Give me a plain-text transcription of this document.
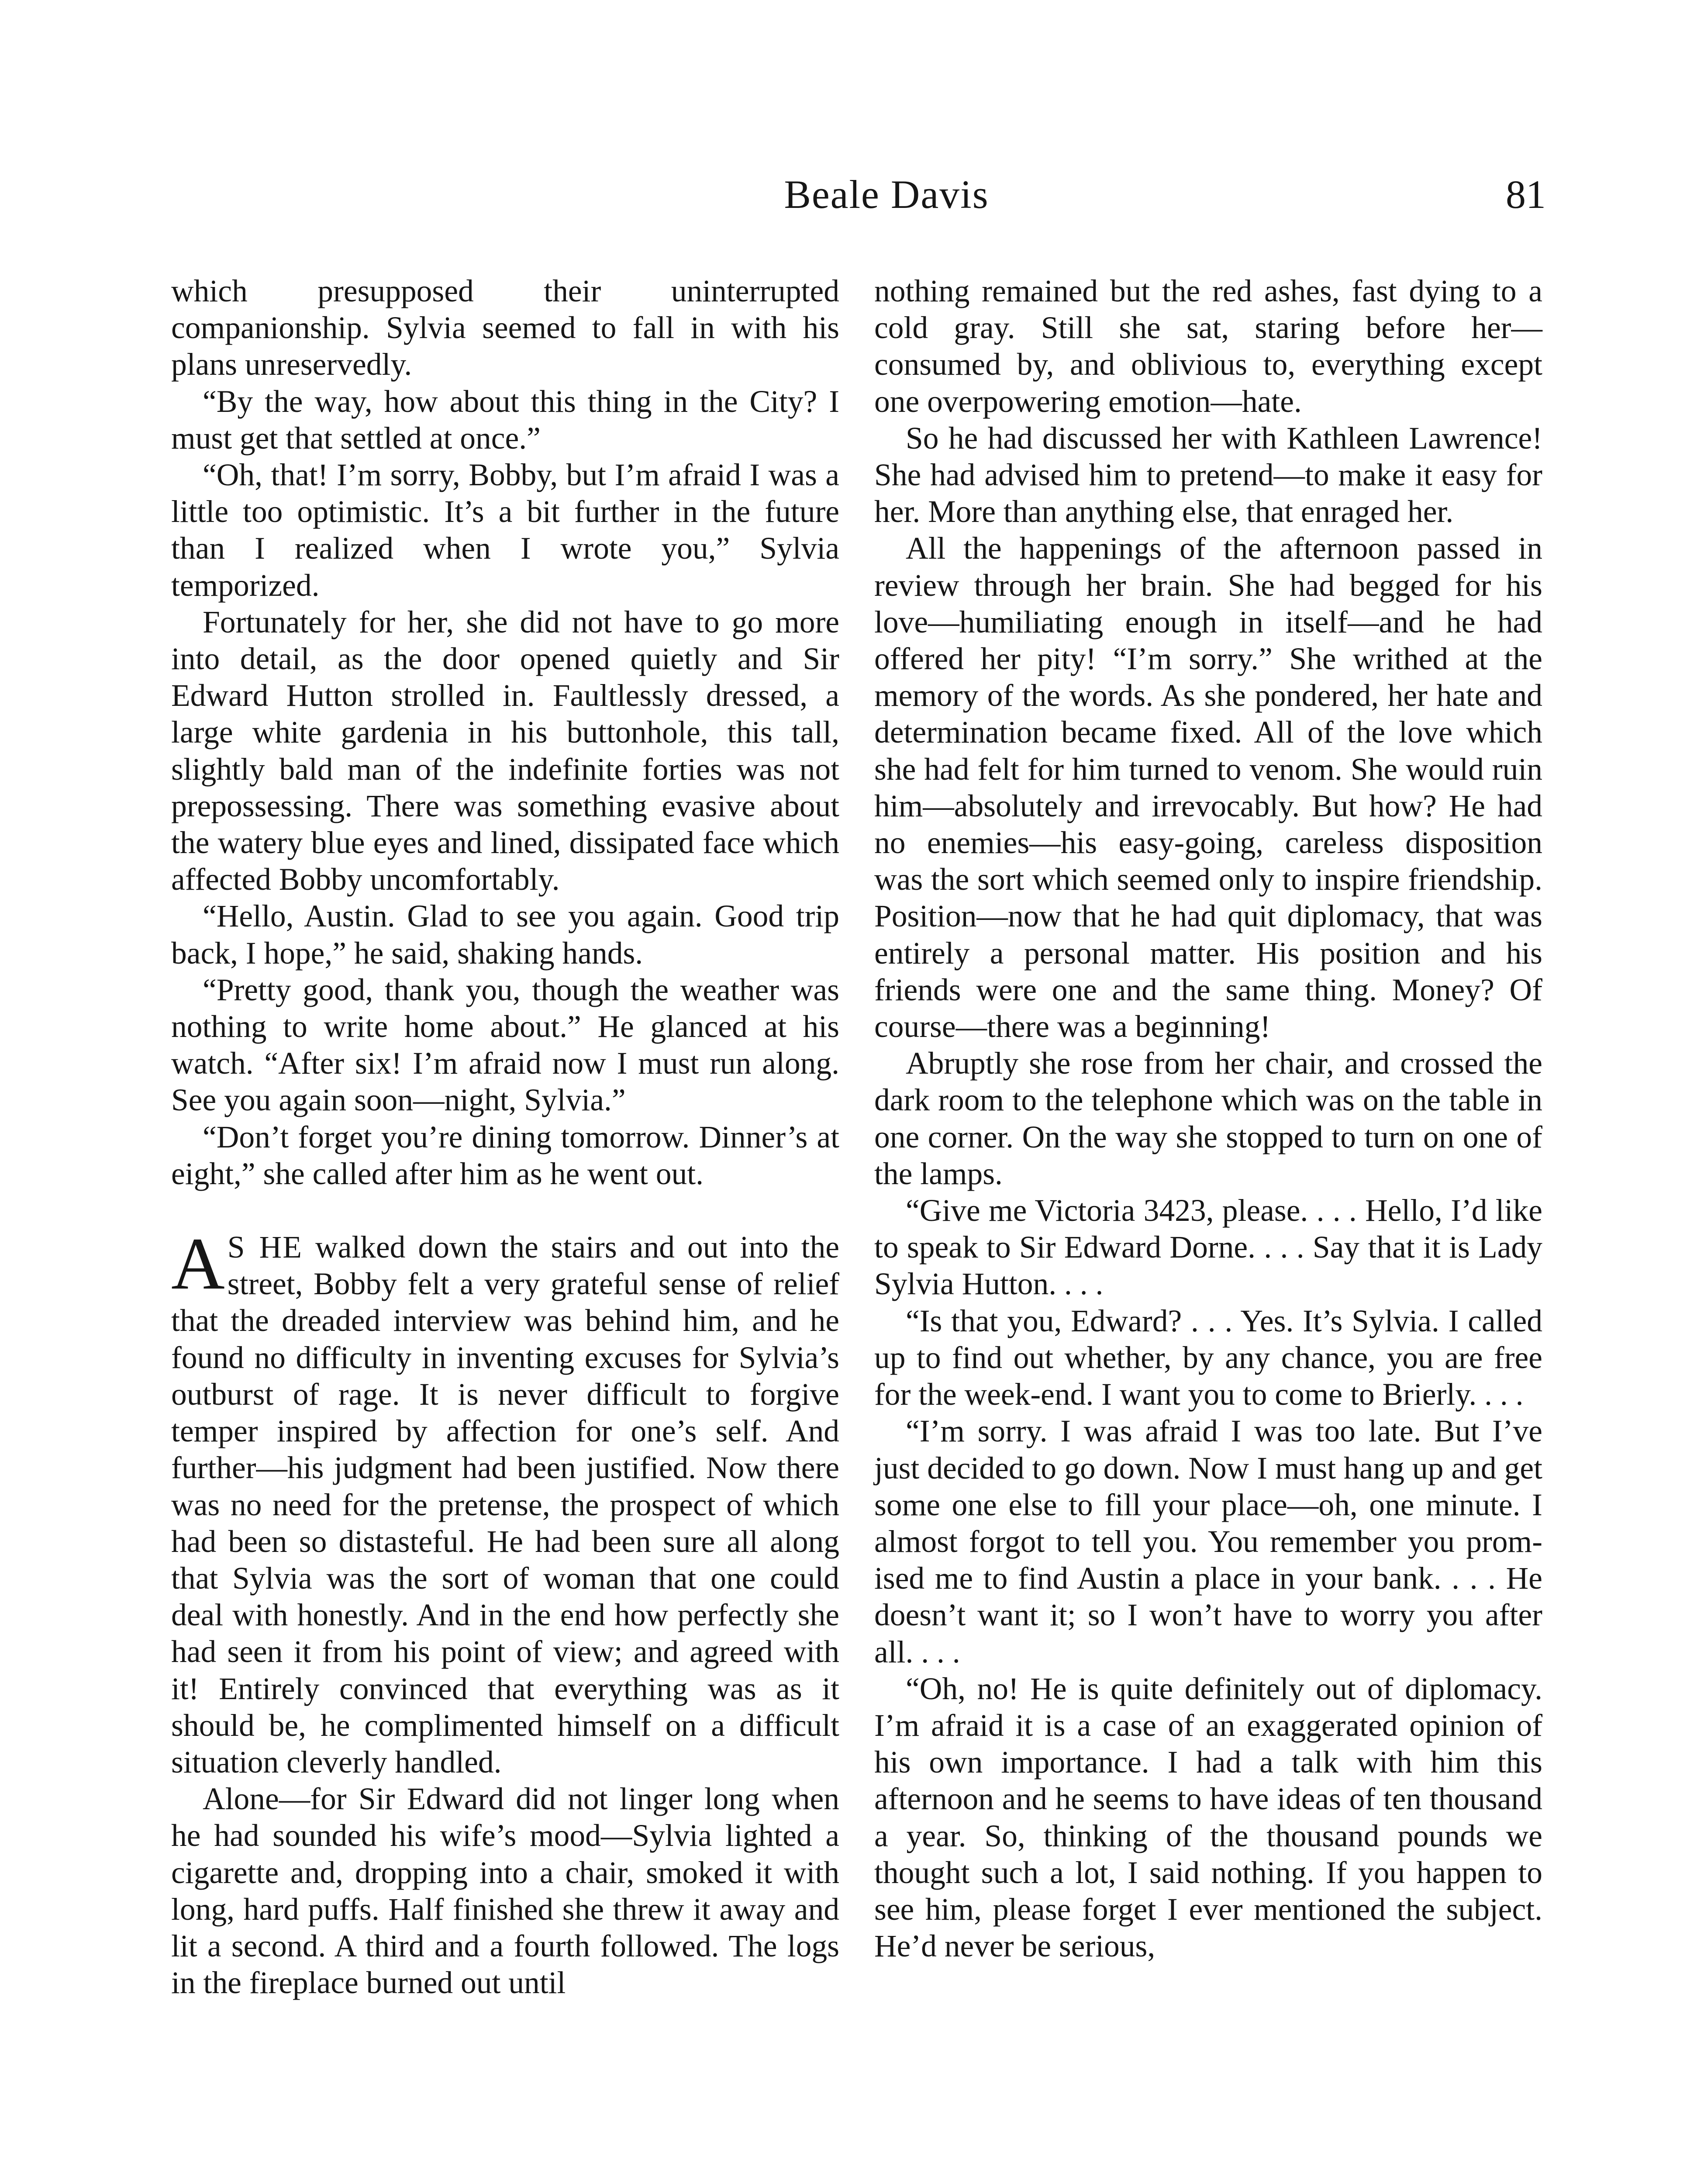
Beale Davis	81

which presupposed their uninterrupted companionship. Sylvia seemed to fall in with his plans unreservedly.

“By the way, how about this thing in the City? I must get that settled at once.”

“Oh, that! I’m sorry, Bobby, but I’m afraid I was a little too optimistic. It’s a bit further in the future than I realized when I wrote you,” Sylvia temporized.

Fortunately for her, she did not have to go more into detail, as the door opened quietly and Sir Edward Hutton strolled in. Faultlessly dressed, a large white gardenia in his buttonhole, this tall, slightly bald man of the indefinite forties was not prepossessing. There was something evasive about the watery blue eyes and lined, dissipated face which affected Bobby uncomfortably.

“Hello, Austin. Glad to see you again. Good trip back, I hope,” he said, shaking hands.

“Pretty good, thank you, though the weather was nothing to write home about.” He glanced at his watch. “After six! I’m afraid now I must run along. See you again soon—night, Sylvia.”

“Don’t forget you’re dining tomorrow. Dinner’s at eight,” she called after him as he went out.

A S HE walked down the stairs and out into the street, Bobby felt a very grateful sense of relief that the dreaded interview was behind him, and he found no difficulty in inventing excuses for Sylvia’s outburst of rage. It is never difficult to forgive temper inspired by affection for one’s self. And further—his judgment had been justified. Now there was no need for the pretense, the prospect of which had been so distasteful. He had been sure all along that Sylvia was the sort of woman that one could deal with honestly. And in the end how perfectly she had seen it from his point of view; and agreed with it! Entirely convinced that everything was as it should be, he complimented himself on a difficult situation cleverly handled.

Alone—for Sir Edward did not linger long when he had sounded his wife’s mood—Sylvia lighted a cigarette and, dropping into a chair, smoked it with long, hard puffs. Half finished she threw it away and lit a second. A third and a fourth followed. The logs in the fireplace burned out until

nothing remained but the red ashes, fast dying to a cold gray. Still she sat, staring before her—consumed by, and oblivious to, everything except one overpowering emotion—hate.

So he had discussed her with Kathleen Lawrence! She had advised him to pretend—to make it easy for her. More than anything else, that enraged her.

All the happenings of the afternoon passed in review through her brain. She had begged for his love—humiliating enough in itself—and he had offered her pity! “I’m sorry.” She writhed at the memory of the words. As she pondered, her hate and determination became fixed. All of the love which she had felt for him turned to venom. She would ruin him—absolutely and irrevocably. But how? He had no enemies—his easy-going, careless disposition was the sort which seemed only to inspire friendship. Position—now that he had quit diplomacy, that was entirely a personal matter. His position and his friends were one and the same thing. Money? Of course—there was a beginning!

Abruptly she rose from her chair, and crossed the dark room to the telephone which was on the table in one corner. On the way she stopped to turn on one of the lamps.

“Give me Victoria 3423, please. . . . Hello, I’d like to speak to Sir Edward Dorne. . . . Say that it is Lady Sylvia Hutton. . . .

“Is that you, Edward? . . . Yes. It’s Sylvia. I called up to find out whether, by any chance, you are free for the week-end. I want you to come to Brierly. . . .

“I’m sorry. I was afraid I was too late. But I’ve just decided to go down. Now I must hang up and get some one else to fill your place—oh, one minute. I almost forgot to tell you. You remember you promised me to find Austin a place in your bank. . . . He doesn’t want it; so I won’t have to worry you after all. . . .

“Oh, no! He is quite definitely out of diplomacy. I’m afraid it is a case of an exaggerated opinion of his own importance. I had a talk with him this afternoon and he seems to have ideas of ten thousand a year. So, thinking of the thousand pounds we thought such a lot, I said nothing. If you happen to see him, please forget I ever mentioned the subject. He’d never be serious,
